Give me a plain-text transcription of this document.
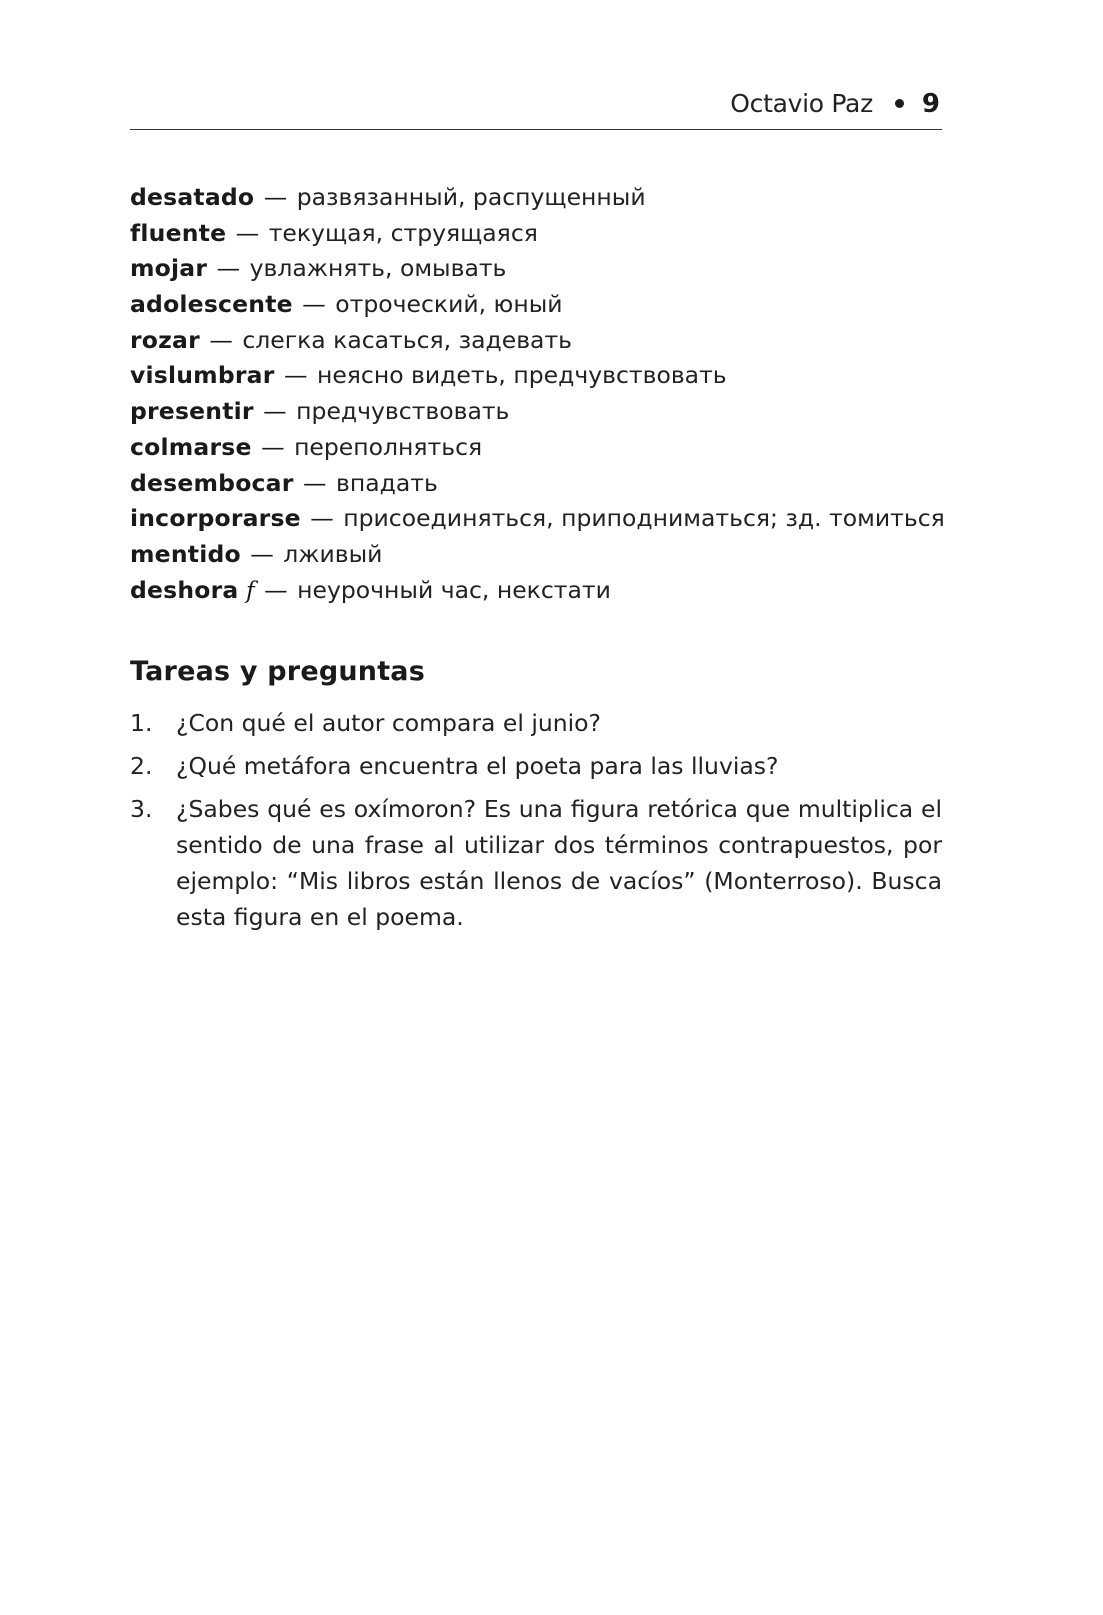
Octavio Paz 9
desatado — развязанный, распущенный
fluente — текущая, струящаяся
mojar — увлажнять, омывать
adolescente — отроческий, юный
rozar — слегка касаться, задевать
vislumbrar — неясно видеть, предчувствовать
presentir — предчувствовать
colmarse — переполняться
desembocar — впадать
incorporarse — присоединяться, приподниматься; зд. томиться
mentido — лживый
deshora f — неурочный час, некстати
Tareas y preguntas
1. ¿Con qué el autor compara el junio?
2. ¿Qué metáfora encuentra el poeta para las lluvias?
3. ¿Sabes qué es oxímoron? Es una figura retórica que multiplica el sentido de una frase al utilizar dos términos contrapuestos, por ejemplo: “Mis libros están llenos de vacíos” (Monterroso). Busca esta figura en el poema.
